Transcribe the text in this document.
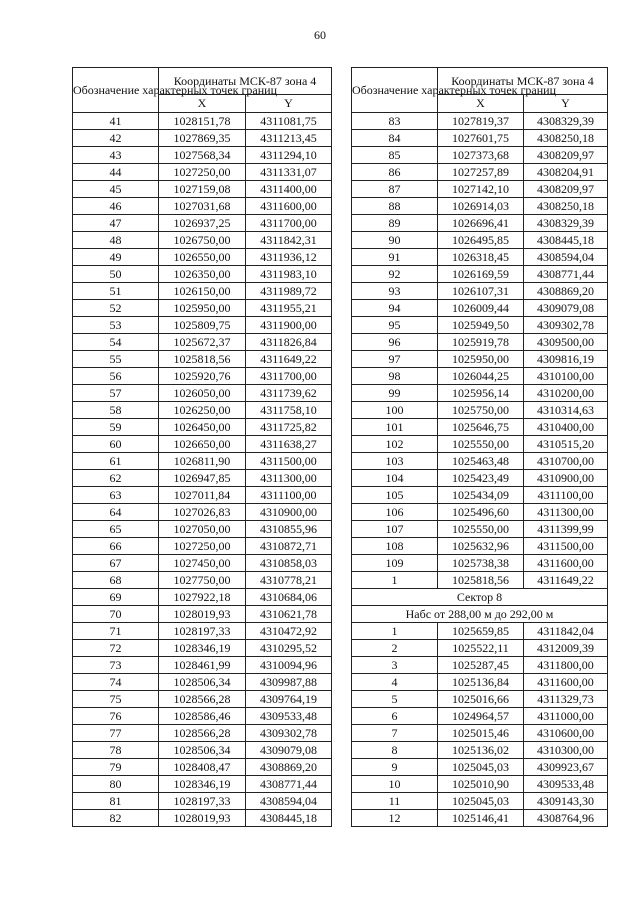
60
Обозначение характерных точек границ	Координаты МСК-87 зона 4	
	X	Y
41	1028151,78	4311081,75
42	1027869,35	4311213,45
43	1027568,34	4311294,10
44	1027250,00	4311331,07
45	1027159,08	4311400,00
46	1027031,68	4311600,00
47	1026937,25	4311700,00
48	1026750,00	4311842,31
49	1026550,00	4311936,12
50	1026350,00	4311983,10
51	1026150,00	4311989,72
52	1025950,00	4311955,21
53	1025809,75	4311900,00
54	1025672,37	4311826,84
55	1025818,56	4311649,22
56	1025920,76	4311700,00
57	1026050,00	4311739,62
58	1026250,00	4311758,10
59	1026450,00	4311725,82
60	1026650,00	4311638,27
61	1026811,90	4311500,00
62	1026947,85	4311300,00
63	1027011,84	4311100,00
64	1027026,83	4310900,00
65	1027050,00	4310855,96
66	1027250,00	4310872,71
67	1027450,00	4310858,03
68	1027750,00	4310778,21
69	1027922,18	4310684,06
70	1028019,93	4310621,78
71	1028197,33	4310472,92
72	1028346,19	4310295,52
73	1028461,99	4310094,96
74	1028506,34	4309987,88
75	1028566,28	4309764,19
76	1028586,46	4309533,48
77	1028566,28	4309302,78
78	1028506,34	4309079,08
79	1028408,47	4308869,20
80	1028346,19	4308771,44
81	1028197,33	4308594,04
82	1028019,93	4308445,18
Обозначение характерных точек границ	Координаты МСК-87 зона 4	
	X	Y
83	1027819,37	4308329,39
84	1027601,75	4308250,18
85	1027373,68	4308209,97
86	1027257,89	4308204,91
87	1027142,10	4308209,97
88	1026914,03	4308250,18
89	1026696,41	4308329,39
90	1026495,85	4308445,18
91	1026318,45	4308594,04
92	1026169,59	4308771,44
93	1026107,31	4308869,20
94	1026009,44	4309079,08
95	1025949,50	4309302,78
96	1025919,78	4309500,00
97	1025950,00	4309816,19
98	1026044,25	4310100,00
99	1025956,14	4310200,00
100	1025750,00	4310314,63
101	1025646,75	4310400,00
102	1025550,00	4310515,20
103	1025463,48	4310700,00
104	1025423,49	4310900,00
105	1025434,09	4311100,00
106	1025496,60	4311300,00
107	1025550,00	4311399,99
108	1025632,96	4311500,00
109	1025738,38	4311600,00
1	1025818,56	4311649,22
Сектор 8		
Набс от 288,00 м до 292,00 м		
1	1025659,85	4311842,04
2	1025522,11	4312009,39
3	1025287,45	4311800,00
4	1025136,84	4311600,00
5	1025016,66	4311329,73
6	1024964,57	4311000,00
7	1025015,46	4310600,00
8	1025136,02	4310300,00
9	1025045,03	4309923,67
10	1025010,90	4309533,48
11	1025045,03	4309143,30
12	1025146,41	4308764,96
